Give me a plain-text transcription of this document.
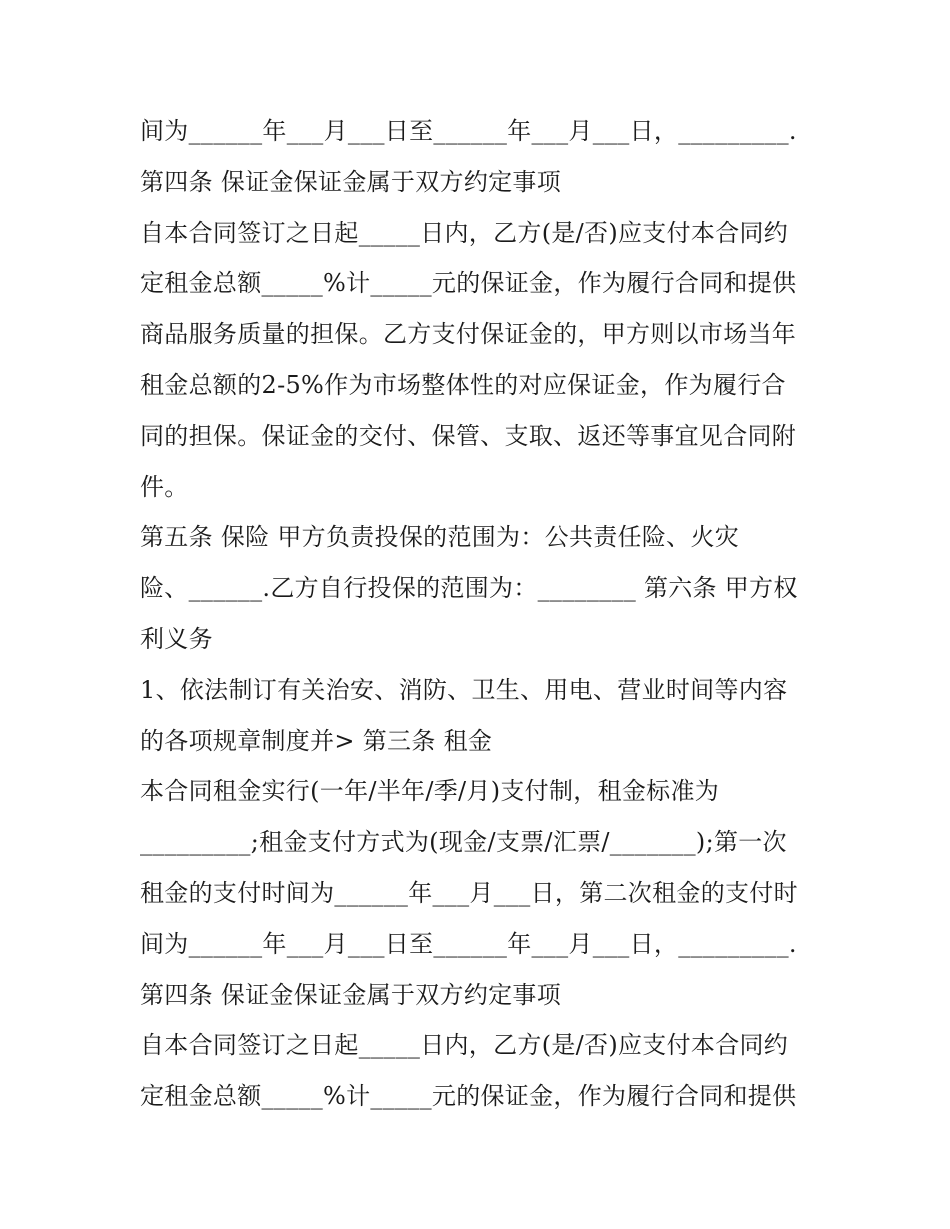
间为______年___月___日至______年___月___日，_________.
第四条 保证金保证金属于双方约定事项
自本合同签订之日起_____日内，乙方(是/否)应支付本合同约
定租金总额_____%计_____元的保证金，作为履行合同和提供
商品服务质量的担保。乙方支付保证金的，甲方则以市场当年
租金总额的2-5%作为市场整体性的对应保证金，作为履行合
同的担保。保证金的交付、保管、支取、返还等事宜见合同附
件。
第五条 保险 甲方负责投保的范围为：公共责任险、火灾
险、______.乙方自行投保的范围为：________ 第六条 甲方权
利义务
1、依法制订有关治安、消防、卫生、用电、营业时间等内容
的各项规章制度并> 第三条 租金
本合同租金实行(一年/半年/季/月)支付制，租金标准为
_________;租金支付方式为(现金/支票/汇票/_______);第一次
租金的支付时间为______年___月___日，第二次租金的支付时
间为______年___月___日至______年___月___日，_________.
第四条 保证金保证金属于双方约定事项
自本合同签订之日起_____日内，乙方(是/否)应支付本合同约
定租金总额_____%计_____元的保证金，作为履行合同和提供
